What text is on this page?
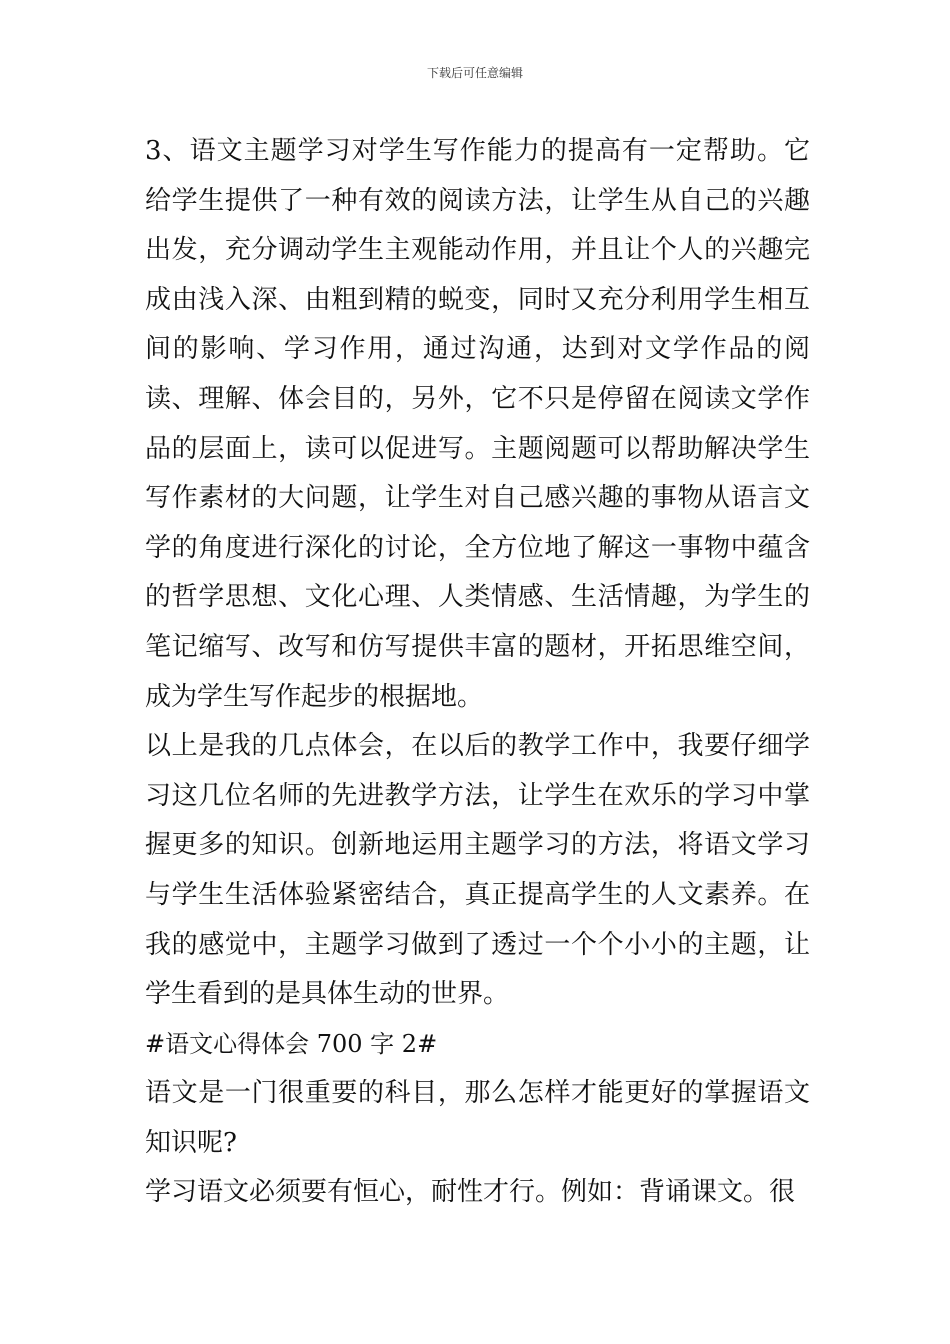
下载后可任意编辑

3、语文主题学习对学生写作能力的提高有一定帮助。它给学生提供了一种有效的阅读方法，让学生从自己的兴趣出发，充分调动学生主观能动作用，并且让个人的兴趣完成由浅入深、由粗到精的蜕变，同时又充分利用学生相互间的影响、学习作用，通过沟通，达到对文学作品的阅读、理解、体会目的，另外，它不只是停留在阅读文学作品的层面上，读可以促进写。主题阅题可以帮助解决学生写作素材的大问题，让学生对自己感兴趣的事物从语言文学的角度进行深化的讨论，全方位地了解这一事物中蕴含的哲学思想、文化心理、人类情感、生活情趣，为学生的笔记缩写、改写和仿写提供丰富的题材，开拓思维空间，成为学生写作起步的根据地。

以上是我的几点体会，在以后的教学工作中，我要仔细学习这几位名师的先进教学方法，让学生在欢乐的学习中掌握更多的知识。创新地运用主题学习的方法，将语文学习与学生生活体验紧密结合，真正提高学生的人文素养。在我的感觉中，主题学习做到了透过一个个小小的主题，让学生看到的是具体生动的世界。

#语文心得体会 700 字 2#

语文是一门很重要的科目，那么怎样才能更好的掌握语文知识呢?

学习语文必须要有恒心，耐性才行。例如：背诵课文。很
